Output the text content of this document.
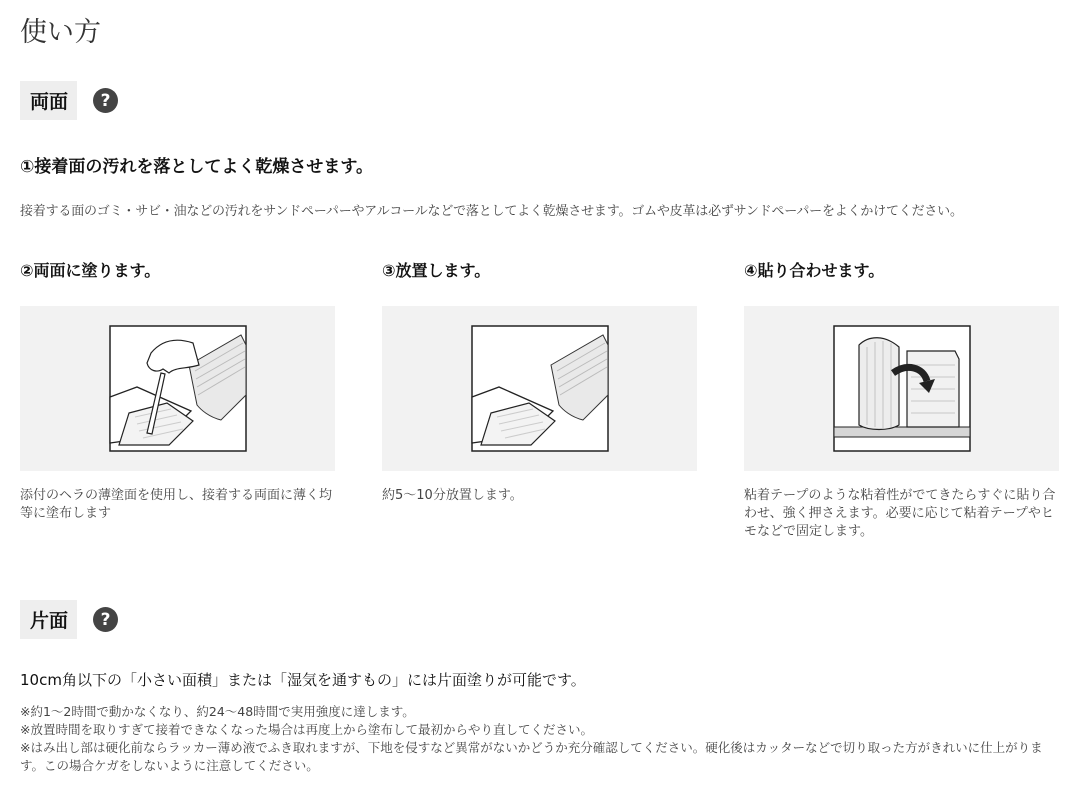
使い方
両面	?
①接着面の汚れを落としてよく乾燥させます。

接着する面のゴミ・サビ・油などの汚れをサンドペーパーやアルコールなどで落としてよく乾燥させます。ゴムや皮革は必ずサンドペーパーをよくかけてください。

②両面に塗ります。

添付のヘラの薄塗面を使用し、接着する両面に薄く均等に塗布します

③放置します。

約5〜10分放置します。

④貼り合わせます。

粘着テープのような粘着性がでてきたらすぐに貼り合わせ、強く押さえます。必要に応じて粘着テープやヒモなどで固定します。

片面	?

10cm角以下の「小さい面積」または「湿気を通すもの」には片面塗りが可能です。

※約1〜2時間で動かなくなり、約24〜48時間で実用強度に達します。
※放置時間を取りすぎて接着できなくなった場合は再度上から塗布して最初からやり直してください。
※はみ出し部は硬化前ならラッカー薄め液でふき取れますが、下地を侵すなど異常がないかどうか充分確認してください。硬化後はカッターなどで切り取った方がきれいに仕上がります。この場合ケガをしないように注意してください。
